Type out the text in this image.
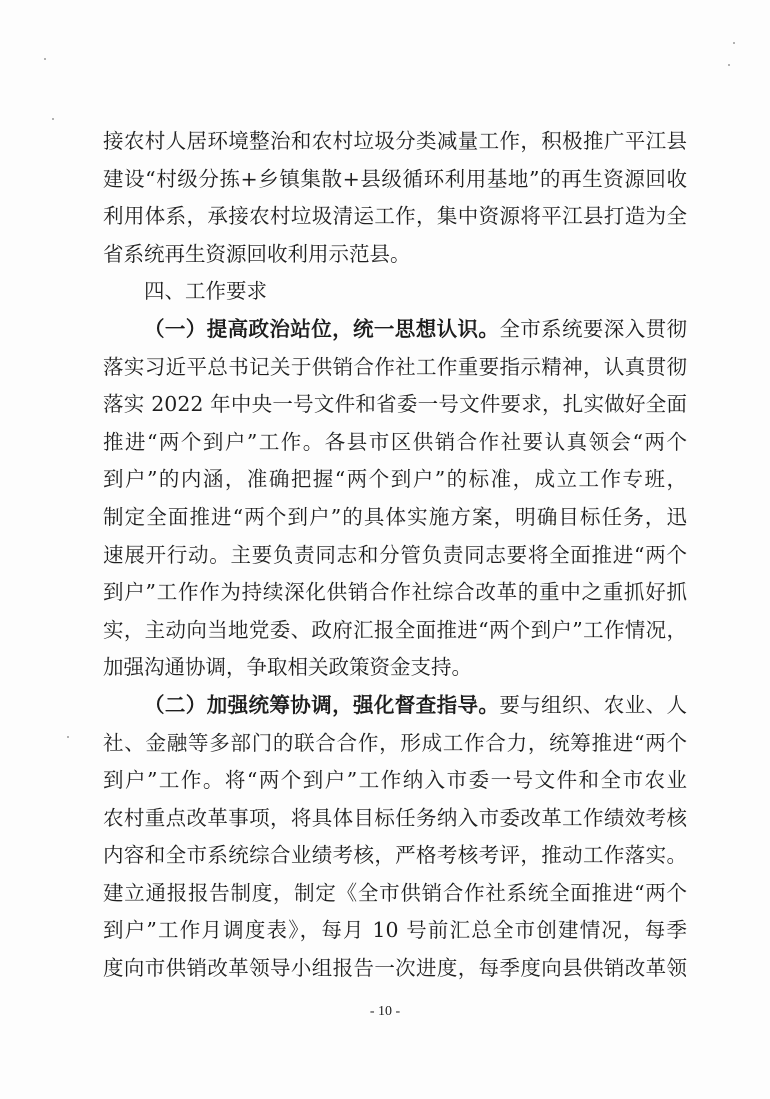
接农村人居环境整治和农村垃圾分类减量工作，积极推广平江县
建设“村级分拣+乡镇集散+县级循环利用基地”的再生资源回收
利用体系，承接农村垃圾清运工作，集中资源将平江县打造为全
省系统再生资源回收利用示范县。
四、工作要求
（一）提高政治站位，统一思想认识。全市系统要深入贯彻
落实习近平总书记关于供销合作社工作重要指示精神，认真贯彻
落实 2022 年中央一号文件和省委一号文件要求，扎实做好全面
推进“两个到户”工作。各县市区供销合作社要认真领会“两个
到户”的内涵，准确把握“两个到户”的标准，成立工作专班，
制定全面推进“两个到户”的具体实施方案，明确目标任务，迅
速展开行动。主要负责同志和分管负责同志要将全面推进“两个
到户”工作作为持续深化供销合作社综合改革的重中之重抓好抓
实，主动向当地党委、政府汇报全面推进“两个到户”工作情况，
加强沟通协调，争取相关政策资金支持。
（二）加强统筹协调，强化督查指导。要与组织、农业、人
社、金融等多部门的联合合作，形成工作合力，统筹推进“两个
到户”工作。将“两个到户”工作纳入市委一号文件和全市农业
农村重点改革事项，将具体目标任务纳入市委改革工作绩效考核
内容和全市系统综合业绩考核，严格考核考评，推动工作落实。
建立通报报告制度，制定《全市供销合作社系统全面推进“两个
到户”工作月调度表》，每月 10 号前汇总全市创建情况，每季
度向市供销改革领导小组报告一次进度，每季度向县供销改革领
- 10 -
